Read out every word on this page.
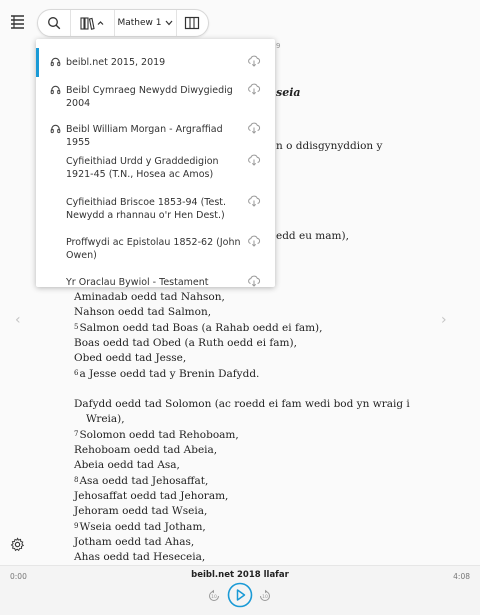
Mathew 1
9
seia
n o ddisgynyddion y
edd eu mam),
‹	›
Aminadab oedd tad Nahson,
Nahson oedd tad Salmon,
5Salmon oedd tad Boas (a Rahab oedd ei fam),
Boas oedd tad Obed (a Ruth oedd ei fam),
Obed oedd tad Jesse,
6a Jesse oedd tad y Brenin Dafydd.
Dafydd oedd tad Solomon (ac roedd ei fam wedi bod yn wraig i
Wreia),
7Solomon oedd tad Rehoboam,
Rehoboam oedd tad Abeia,
Abeia oedd tad Asa,
8Asa oedd tad Jehosaffat,
Jehosaffat oedd tad Jehoram,
Jehoram oedd tad Wseia,
9Wseia oedd tad Jotham,
Jotham oedd tad Ahas,
Ahas oedd tad Heseceia,
beibl.net 2015, 2019
Beibl Cymraeg Newydd Diwygiedig 2004
Beibl William Morgan - Argraffiad 1955
Cyfieithiad Urdd y Graddedigion 1921-45 (T.N., Hosea ac Amos)
Cyfieithiad Briscoe 1853-94 (Test. Newydd a rhannau o'r Hen Dest.)
Proffwydi ac Epistolau 1852-62 (John Owen)
Yr Oraclau Bywiol - Testament
0:00	beibl.net 2018 llafar	4:08
10	10
